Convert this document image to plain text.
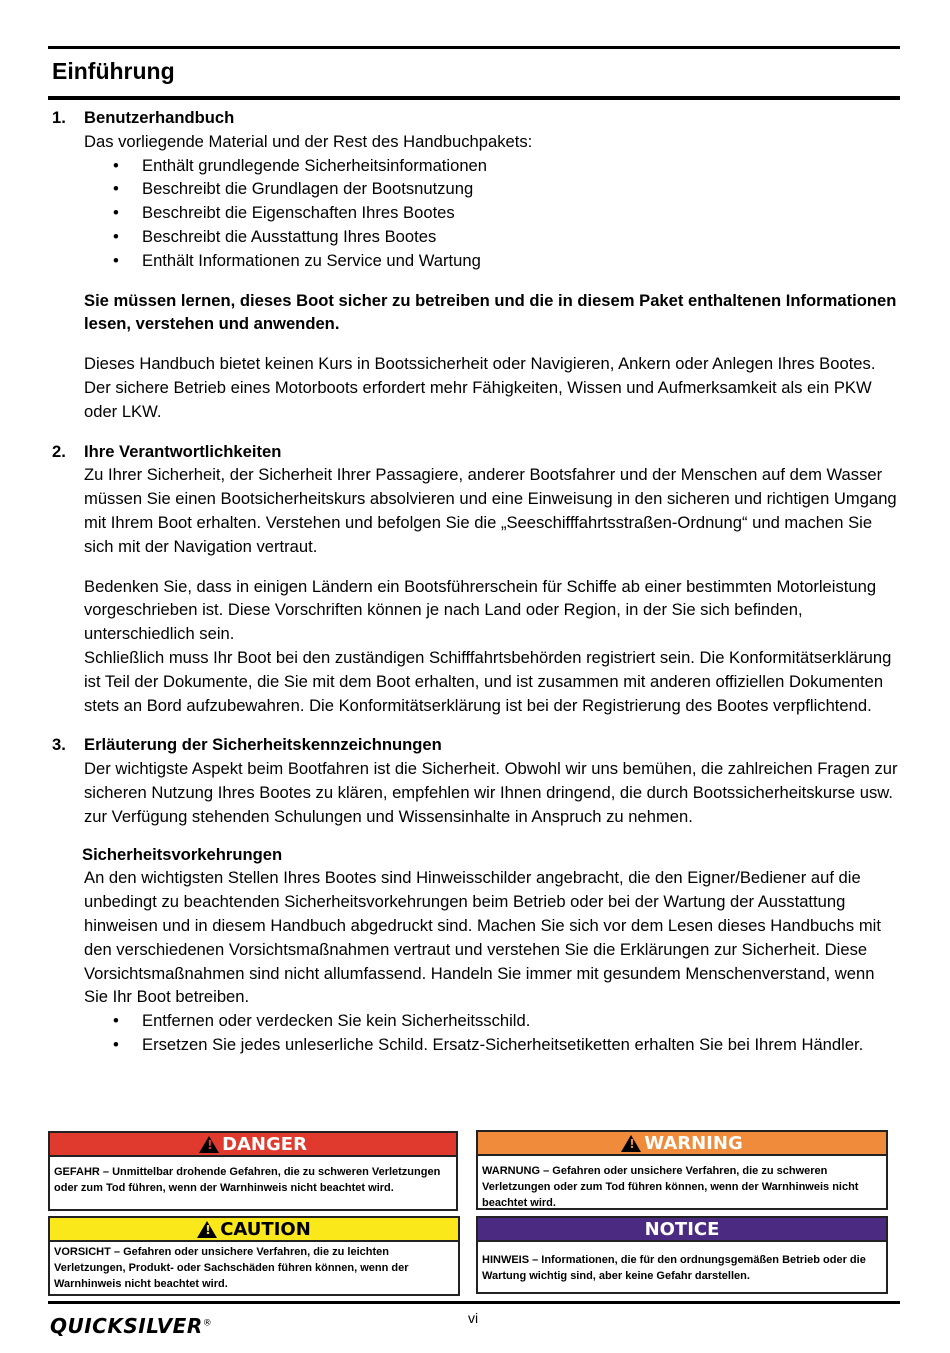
Einführung
1.	Benutzerhandbuch

Das vorliegende Material und der Rest des Handbuchpakets:

• Enthält grundlegende Sicherheitsinformationen
• Beschreibt die Grundlagen der Bootsnutzung
• Beschreibt die Eigenschaften Ihres Bootes
• Beschreibt die Ausstattung Ihres Bootes
• Enthält Informationen zu Service und Wartung

Sie müssen lernen, dieses Boot sicher zu betreiben und die in diesem Paket enthaltenen Informationen lesen, verstehen und anwenden.

Dieses Handbuch bietet keinen Kurs in Bootssicherheit oder Navigieren, Ankern oder Anlegen Ihres Bootes. Der sichere Betrieb eines Motorboots erfordert mehr Fähigkeiten, Wissen und Aufmerksamkeit als ein PKW oder LKW.

2.	Ihre Verantwortlichkeiten

Zu Ihrer Sicherheit, der Sicherheit Ihrer Passagiere, anderer Bootsfahrer und der Menschen auf dem Wasser müssen Sie einen Bootsicherheitskurs absolvieren und eine Einweisung in den sicheren und richtigen Umgang mit Ihrem Boot erhalten. Verstehen und befolgen Sie die „Seeschifffahrtsstraßen-Ordnung“ und machen Sie sich mit der Navigation vertraut.

Bedenken Sie, dass in einigen Ländern ein Bootsführerschein für Schiffe ab einer bestimmten Motorleistung vorgeschrieben ist. Diese Vorschriften können je nach Land oder Region, in der Sie sich befinden, unterschiedlich sein.

Schließlich muss Ihr Boot bei den zuständigen Schifffahrtsbehörden registriert sein. Die Konformitätserklärung ist Teil der Dokumente, die Sie mit dem Boot erhalten, und ist zusammen mit anderen offiziellen Dokumenten stets an Bord aufzubewahren. Die Konformitätserklärung ist bei der Registrierung des Bootes verpflichtend.

3.	Erläuterung der Sicherheitskennzeichnungen

Der wichtigste Aspekt beim Bootfahren ist die Sicherheit. Obwohl wir uns bemühen, die zahlreichen Fragen zur sicheren Nutzung Ihres Bootes zu klären, empfehlen wir Ihnen dringend, die durch Bootssicherheitskurse usw. zur Verfügung stehenden Schulungen und Wissensinhalte in Anspruch zu nehmen.

Sicherheitsvorkehrungen

An den wichtigsten Stellen Ihres Bootes sind Hinweisschilder angebracht, die den Eigner/Bediener auf die unbedingt zu beachtenden Sicherheitsvorkehrungen beim Betrieb oder bei der Wartung der Ausstattung hinweisen und in diesem Handbuch abgedruckt sind. Machen Sie sich vor dem Lesen dieses Handbuchs mit den verschiedenen Vorsichtsmaßnahmen vertraut und verstehen Sie die Erklärungen zur Sicherheit. Diese Vorsichtsmaßnahmen sind nicht allumfassend. Handeln Sie immer mit gesundem Menschenverstand, wenn Sie Ihr Boot betreiben.

• Entfernen oder verdecken Sie kein Sicherheitsschild.
• Ersetzen Sie jedes unleserliche Schild. Ersatz-Sicherheitsetiketten erhalten Sie bei Ihrem Händler.
! DANGER
GEFAHR – Unmittelbar drohende Gefahren, die zu schweren Verletzungen oder zum Tod führen, wenn der Warnhinweis nicht beachtet wird.
! WARNING
WARNUNG – Gefahren oder unsichere Verfahren, die zu schweren Verletzungen oder zum Tod führen können, wenn der Warnhinweis nicht beachtet wird.
! CAUTION
VORSICHT – Gefahren oder unsichere Verfahren, die zu leichten Verletzungen, Produkt- oder Sachschäden führen können, wenn der Warnhinweis nicht beachtet wird.
NOTICE
HINWEIS – Informationen, die für den ordnungsgemäßen Betrieb oder die Wartung wichtig sind, aber keine Gefahr darstellen.
QUICKSILVER®	vi
